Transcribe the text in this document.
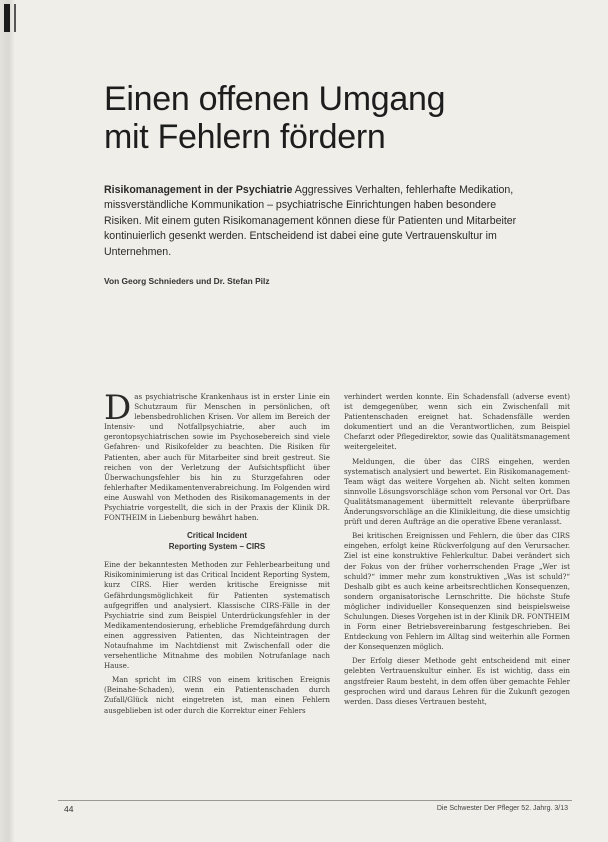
Einen offenen Umgang
mit Fehlern fördern

Risikomanagement in der Psychiatrie Aggressives Verhalten, fehlerhafte Medikation, missverständliche Kommunikation – psychiatrische Einrichtungen haben besondere Risiken. Mit einem guten Risikomanagement können diese für Patienten und Mitarbeiter kontinuierlich gesenkt werden. Entscheidend ist dabei eine gute Vertrauenskultur im Unternehmen.

Von Georg Schnieders und Dr. Stefan Pilz

Das psychiatrische Krankenhaus ist in erster Linie ein Schutzraum für Menschen in persönlichen, oft lebensbedrohlichen Krisen. Vor allem im Bereich der Intensiv- und Notfallpsychiatrie, aber auch im gerontopsychiatrischen sowie im Psychosebereich sind viele Gefahren- und Risikofelder zu beachten. Die Risiken für Patienten, aber auch für Mitarbeiter sind breit gestreut. Sie reichen von der Verletzung der Aufsichtspflicht über Überwachungsfehler bis hin zu Sturzgefahren oder fehlerhafter Medikamentenverabreichung. Im Folgenden wird eine Auswahl von Methoden des Risikomanagements in der Psychiatrie vorgestellt, die sich in der Praxis der Klinik DR. FONTHEIM in Liebenburg bewährt haben.

Critical Incident
Reporting System – CIRS

Eine der bekanntesten Methoden zur Fehlerbearbeitung und Risikominimierung ist das Critical Incident Reporting System, kurz CIRS. Hier werden kritische Ereignisse mit Gefährdungsmöglichkeit für Patienten systematisch aufgegriffen und analysiert. Klassische CIRS-Fälle in der Psychiatrie sind zum Beispiel Unterdrückungsfehler in der Medikamentendosierung, erhebliche Fremdgefährdung durch einen aggressiven Patienten, das Nichteintragen der Notaufnahme im Nachtdienst mit Zwischenfall oder die versehentliche Mitnahme des mobilen Notrufanlage nach Hause.

Man spricht im CIRS von einem kritischen Ereignis (Beinahe-Schaden), wenn ein Patientenschaden durch Zufall/Glück nicht eingetreten ist, man einen Fehlern ausgeblieben ist oder durch die Korrektur einer Fehlers

verhindert werden konnte. Ein Schadensfall (adverse event) ist demgegenüber, wenn sich ein Zwischenfall mit Patientenschaden ereignet hat. Schadensfälle werden dokumentiert und an die Verantwortlichen, zum Beispiel Chefarzt oder Pflegedirektor, sowie das Qualitätsmanagement weitergeleitet.

Meldungen, die über das CIRS eingehen, werden systematisch analysiert und bewertet. Ein Risikomanagement-Team wägt das weitere Vorgehen ab. Nicht selten kommen sinnvolle Lösungsvorschläge schon vom Personal vor Ort. Das Qualitätsmanagement übermittelt relevante überprüfbare Änderungsvorschläge an die Klinikleitung, die diese umsichtig prüft und deren Aufträge an die operative Ebene veranlasst.

Bei kritischen Ereignissen und Fehlern, die über das CIRS eingehen, erfolgt keine Rückverfolgung auf den Verursacher. Ziel ist eine konstruktive Fehlerkultur. Dabei verändert sich der Fokus von der früher vorherrschenden Frage „Wer ist schuld?“ immer mehr zum konstruktiven „Was ist schuld?“ Deshalb gibt es auch keine arbeitsrechtlichen Konsequenzen, sondern organisatorische Lernschritte. Die höchste Stufe möglicher individueller Konsequenzen sind beispielsweise Schulungen. Dieses Vorgehen ist in der Klinik DR. FONTHEIM in Form einer Betriebsvereinbarung festgeschrieben. Bei Entdeckung von Fehlern im Alltag sind weiterhin alle Formen der Konsequenzen möglich.

Der Erfolg dieser Methode geht entscheidend mit einer gelebten Vertrauenskultur einher. Es ist wichtig, dass ein angstfreier Raum besteht, in dem offen über gemachte Fehler gesprochen wird und daraus Lehren für die Zukunft gezogen werden. Dass dieses Vertrauen besteht,

44	Die Schwester Der Pfleger 52. Jahrg. 3/13
